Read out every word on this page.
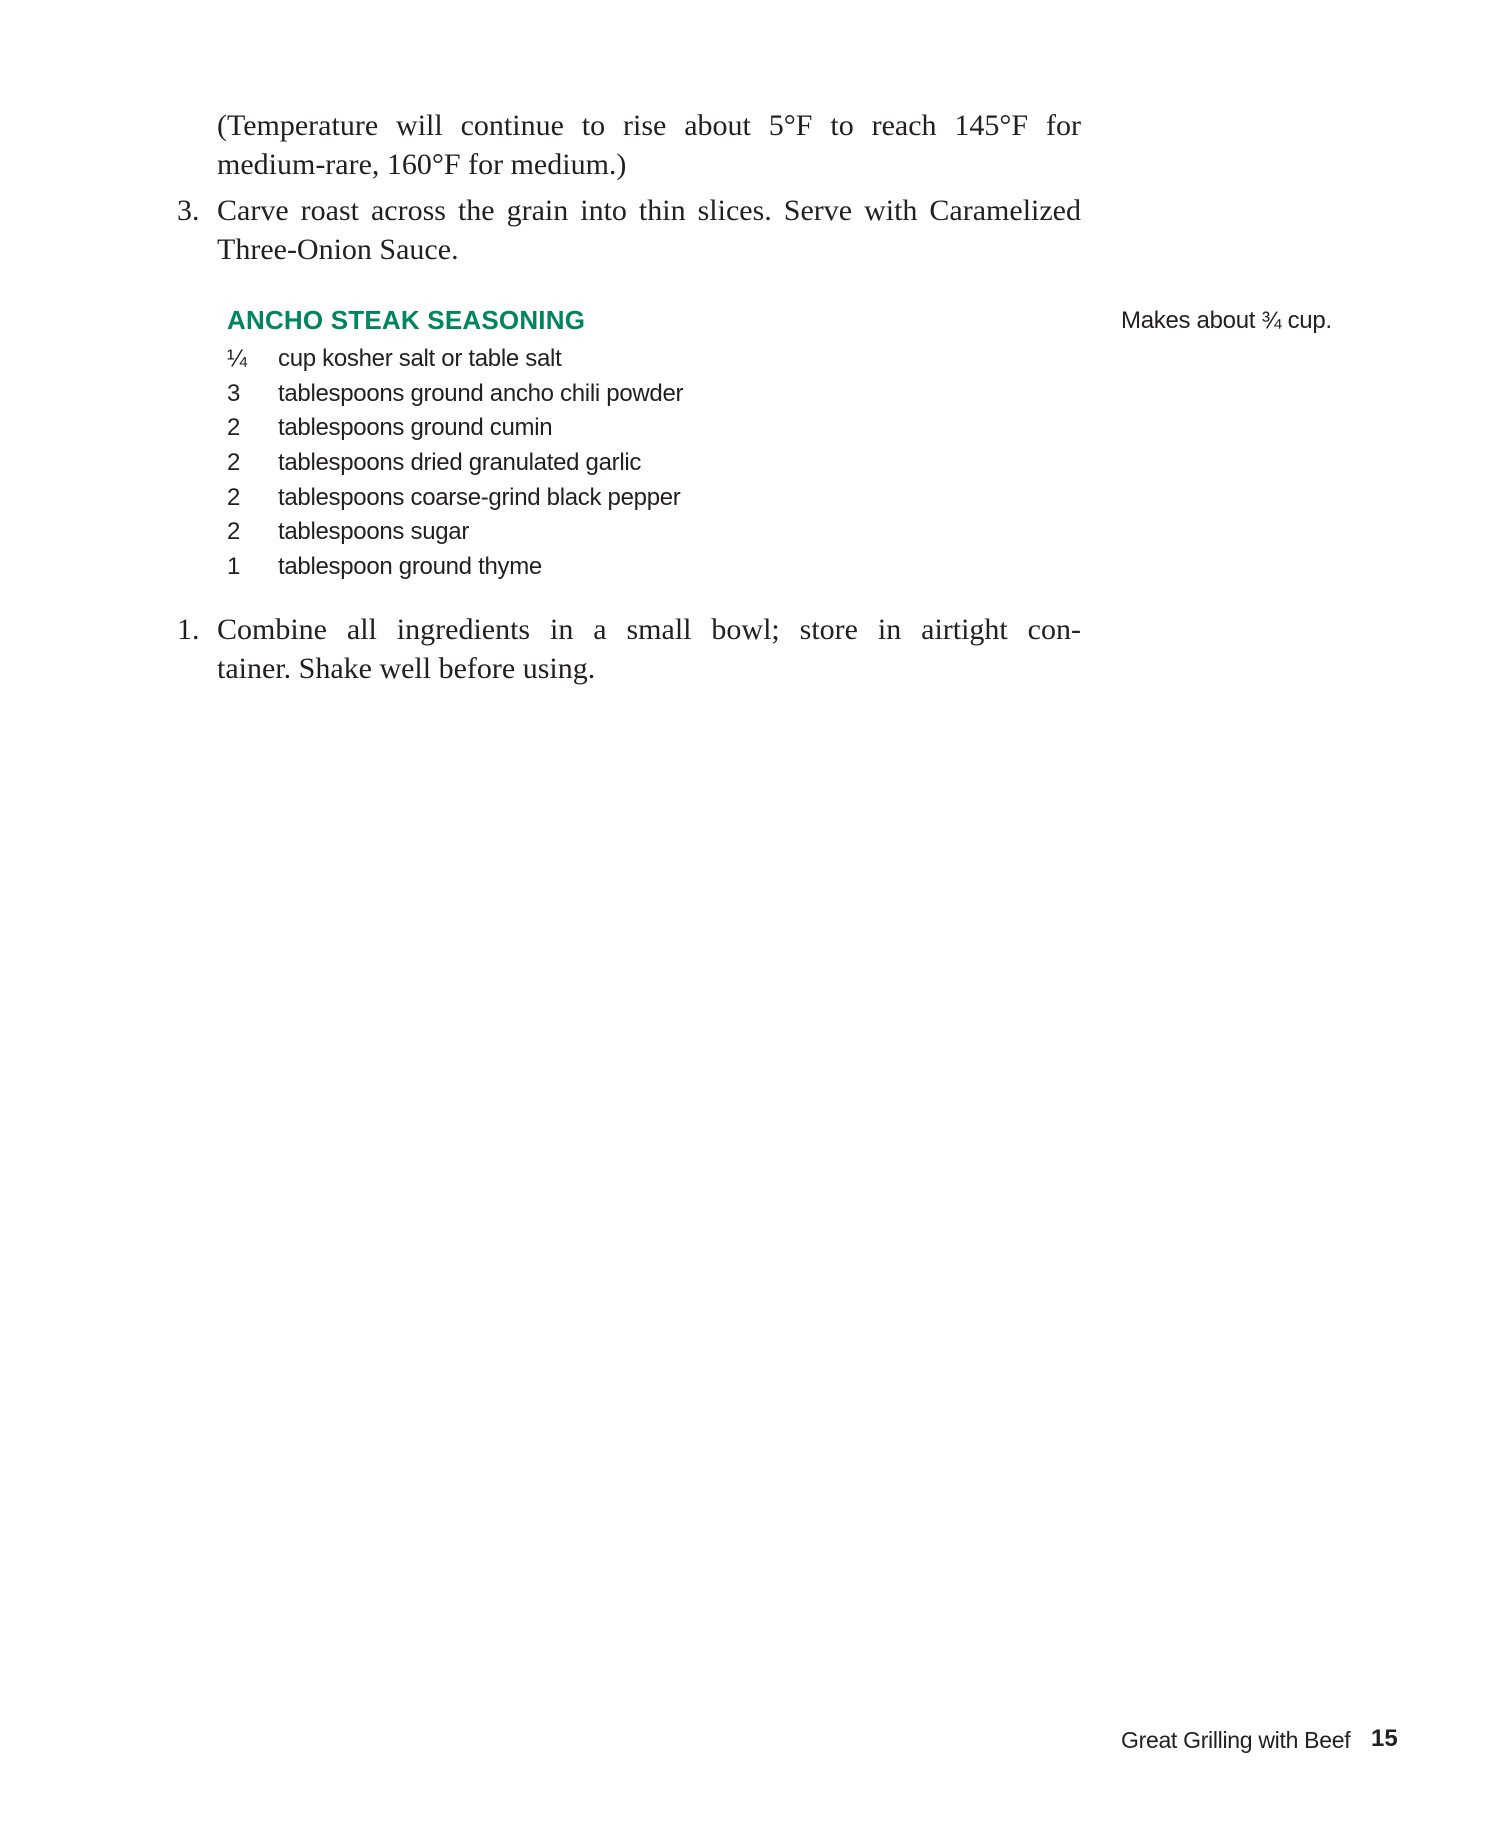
(Temperature will continue to rise about 5°F to reach 145°F for medium-rare, 160°F for medium.)

3. Carve roast across the grain into thin slices. Serve with Caramelized Three-Onion Sauce.
ANCHO STEAK SEASONING	Makes about ¾ cup.
¼ cup kosher salt or table salt
3 tablespoons ground ancho chili powder
2 tablespoons ground cumin
2 tablespoons dried granulated garlic
2 tablespoons coarse-grind black pepper
2 tablespoons sugar
1 tablespoon ground thyme
1. Combine all ingredients in a small bowl; store in airtight con-
tainer. Shake well before using.
Great Grilling with Beef 15
